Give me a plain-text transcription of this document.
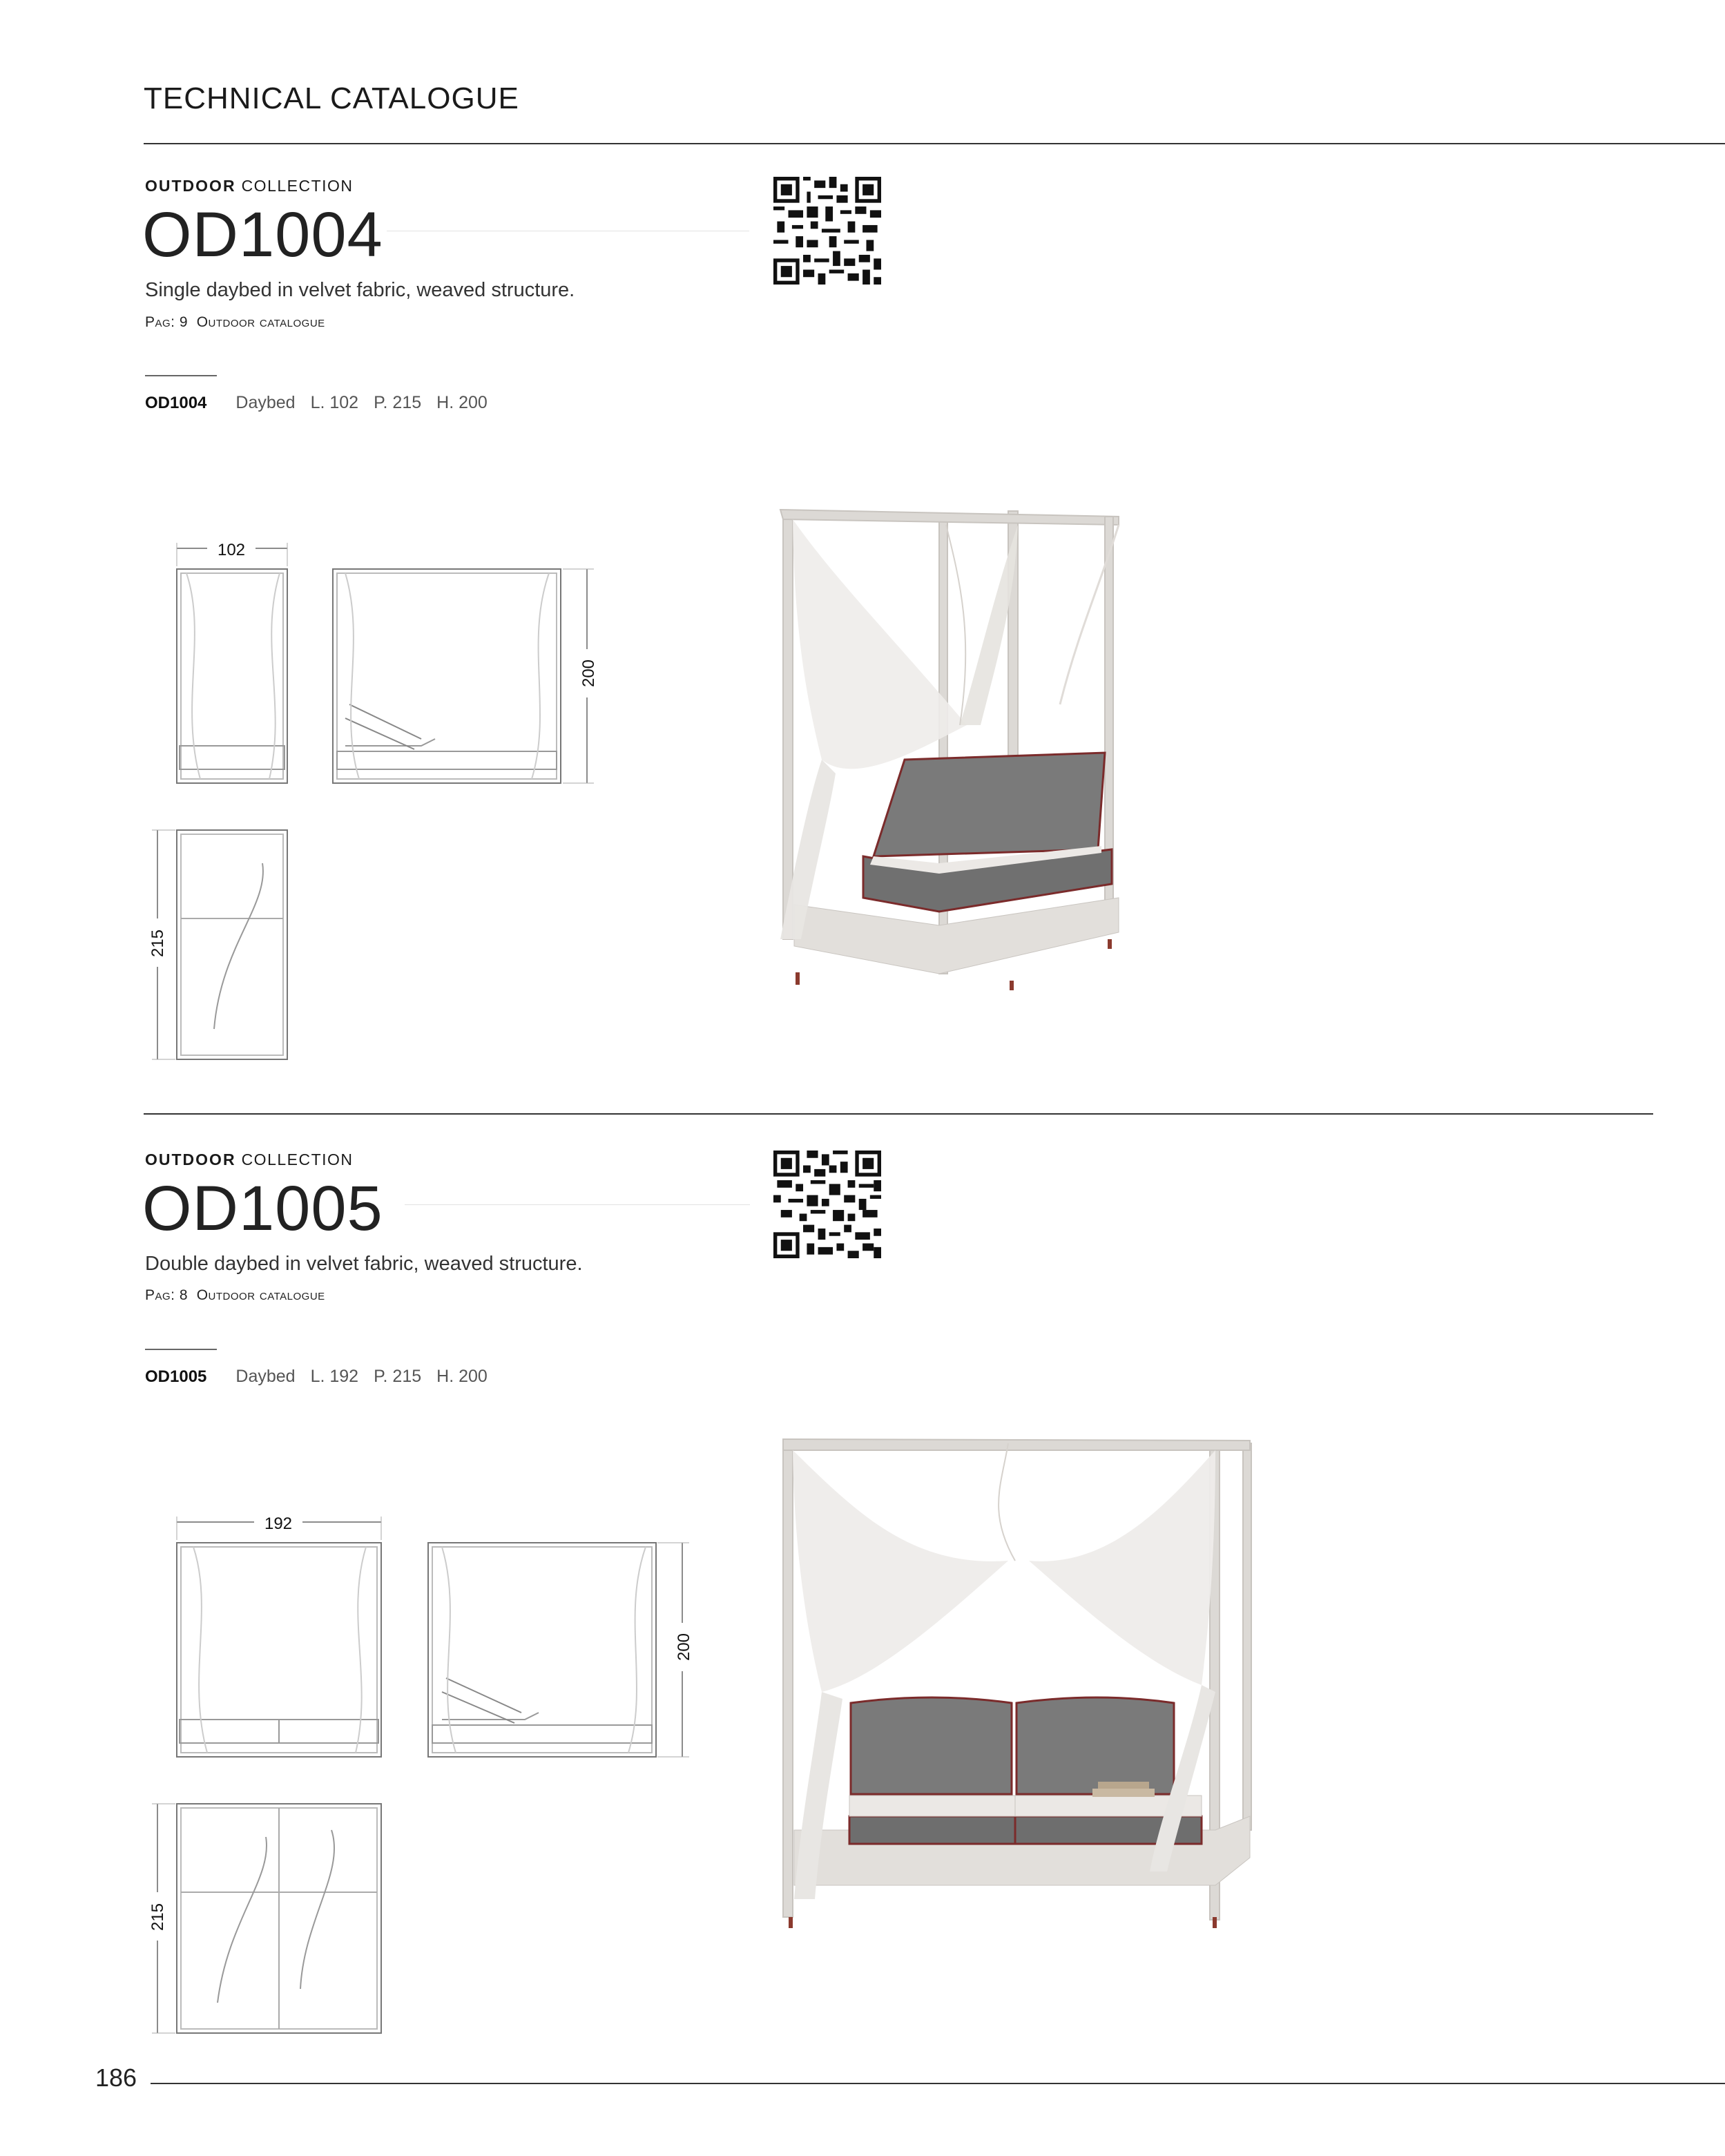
TECHNICAL CATALOGUE
OUTDOOR COLLECTION
OD1004
Single daybed in velvet fabric, weaved structure.
Pag: 9 Outdoor catalogue
OD1004 Daybed L. 102 P. 215 H. 200
102
200
215
OUTDOOR COLLECTION
OD1005
Double daybed in velvet fabric, weaved structure.
Pag: 8 Outdoor catalogue
OD1005 Daybed L. 192 P. 215 H. 200
192
200
215
186
